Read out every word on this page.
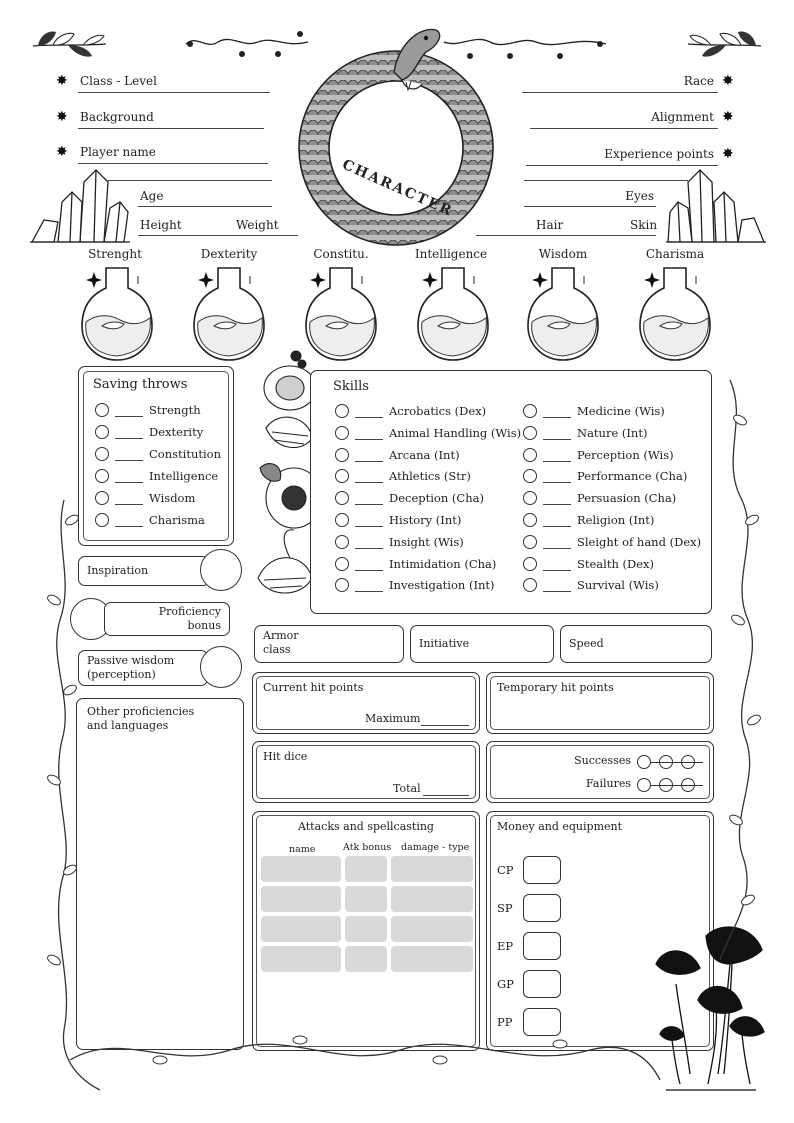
✸ Class - Level
✸ Background
✸ Player name
Age
Height	Weight
Race ✸
Alignment ✸
Experience points ✸
Eyes
Hair	Skin
CHARACTER
Strenght	Dexterity	Constitu.	Intelligence	Wisdom	Charisma
Saving throws
Strength
Dexterity
Constitution
Intelligence
Wisdom
Charisma
Inspiration
Proficiency
bonus
Passive wisdom
(perception)
Other proficiencies
and languages
Skills
Acrobatics (Dex)
Animal Handling (Wis)
Arcana (Int)
Athletics (Str)
Deception (Cha)
History (Int)
Insight (Wis)
Intimidation (Cha)
Investigation (Int)
Medicine (Wis)
Nature (Int)
Perception (Wis)
Performance (Cha)
Persuasion (Cha)
Religion (Int)
Sleight of hand (Dex)
Stealth (Dex)
Survival (Wis)
Armor
class	Initiative	Speed
Current hit points
Maximum
Temporary hit points
Hit dice
Total
Successes
Failures
Attacks and spellcasting
name	Atk bonus damage - type
Money and equipment
CP
SP
EP
GP
PP
